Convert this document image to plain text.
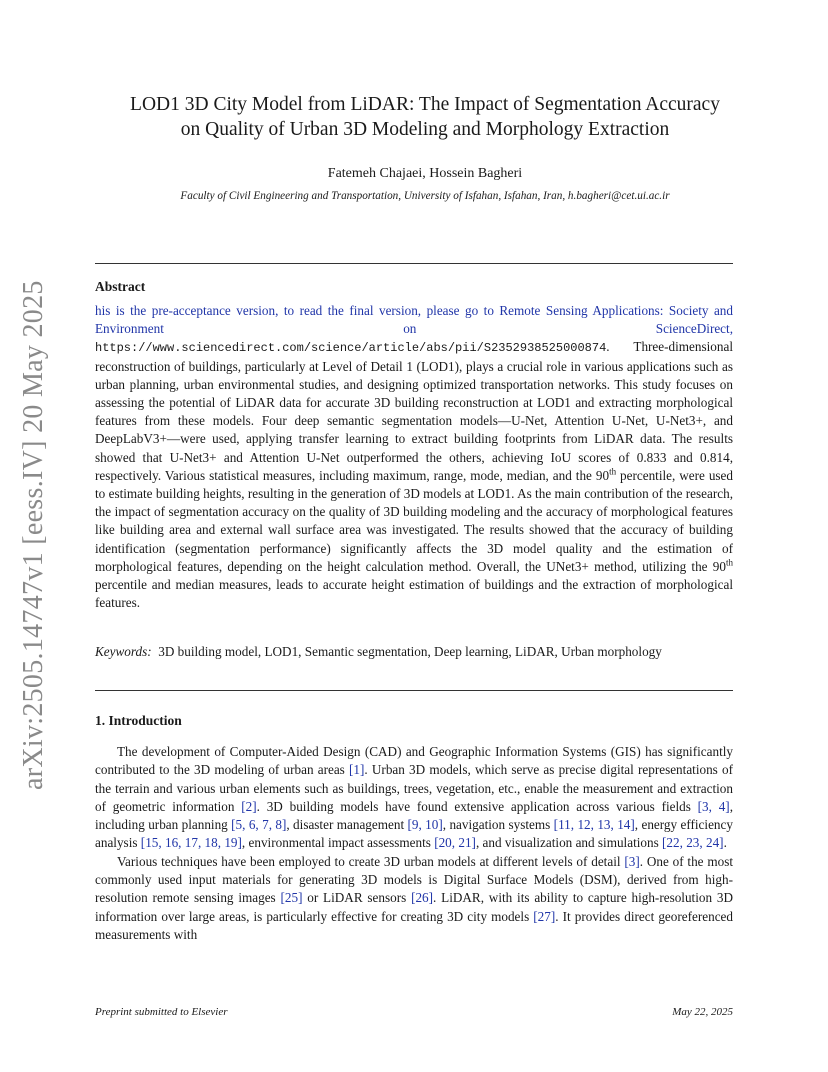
arXiv:2505.14747v1 [eess.IV] 20 May 2025
LOD1 3D City Model from LiDAR: The Impact of Segmentation Accuracy
on Quality of Urban 3D Modeling and Morphology Extraction
Fatemeh Chajaei, Hossein Bagheri
Faculty of Civil Engineering and Transportation, University of Isfahan, Isfahan, Iran, h.bagheri@cet.ui.ac.ir
Abstract
his is the pre-acceptance version, to read the final version, please go to Remote Sensing Applications: Society and Environment on ScienceDirect, https://www.sciencedirect.com/science/article/abs/pii/S2352938525000874. Three-dimensional reconstruction of buildings, particularly at Level of Detail 1 (LOD1), plays a crucial role in various applications such as urban planning, urban environmental studies, and designing optimized transportation networks. This study focuses on assessing the potential of LiDAR data for accurate 3D building reconstruction at LOD1 and extracting morphological features from these models. Four deep semantic segmentation models—U-Net, Attention U-Net, U-Net3+, and DeepLabV3+—were used, applying transfer learning to extract building footprints from LiDAR data. The results showed that U-Net3+ and Attention U-Net outperformed the others, achieving IoU scores of 0.833 and 0.814, respectively. Various statistical measures, including maximum, range, mode, median, and the 90th percentile, were used to estimate building heights, resulting in the generation of 3D models at LOD1. As the main contribution of the research, the impact of segmentation accuracy on the quality of 3D building modeling and the accuracy of morphological features like building area and external wall surface area was investigated. The results showed that the accuracy of building identification (segmentation performance) significantly affects the 3D model quality and the estimation of morphological features, depending on the height calculation method. Overall, the UNet3+ method, utilizing the 90th percentile and median measures, leads to accurate height estimation of buildings and the extraction of morphological features.
Keywords: 3D building model, LOD1, Semantic segmentation, Deep learning, LiDAR, Urban morphology
1. Introduction

The development of Computer-Aided Design (CAD) and Geographic Information Systems (GIS) has significantly contributed to the 3D modeling of urban areas [1]. Urban 3D models, which serve as precise digital representations of the terrain and various urban elements such as buildings, trees, vegetation, etc., enable the measurement and extraction of geometric information [2]. 3D building models have found extensive application across various fields [3, 4], including urban planning [5, 6, 7, 8], disaster management [9, 10], navigation systems [11, 12, 13, 14], energy efficiency analysis [15, 16, 17, 18, 19], environmental impact assessments [20, 21], and visualization and simulations [22, 23, 24].

Various techniques have been employed to create 3D urban models at different levels of detail [3]. One of the most commonly used input materials for generating 3D models is Digital Surface Models (DSM), derived from high-resolution remote sensing images [25] or LiDAR sensors [26]. LiDAR, with its ability to capture high-resolution 3D information over large areas, is particularly effective for creating 3D city models [27]. It provides direct georeferenced measurements with

Preprint submitted to Elsevier	May 22, 2025
